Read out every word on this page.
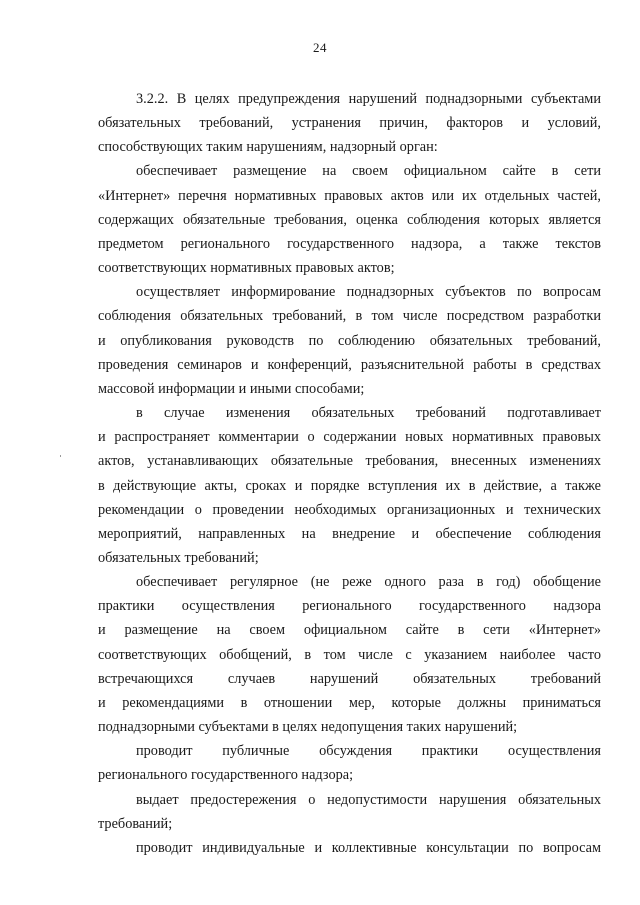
24

3.2.2. В целях предупреждения нарушений поднадзорными субъектами
обязательных требований, устранения причин, факторов и условий,
способствующих таким нарушениям, надзорный орган:

обеспечивает размещение на своем официальном сайте в сети
«Интернет» перечня нормативных правовых актов или их отдельных частей,
содержащих обязательные требования, оценка соблюдения которых является
предметом регионального государственного надзора, а также текстов
соответствующих нормативных правовых актов;

осуществляет информирование поднадзорных субъектов по вопросам
соблюдения обязательных требований, в том числе посредством разработки
и опубликования руководств по соблюдению обязательных требований,
проведения семинаров и конференций, разъяснительной работы в средствах
массовой информации и иными способами;

в случае изменения обязательных требований подготавливает
и распространяет комментарии о содержании новых нормативных правовых
актов, устанавливающих обязательные требования, внесенных изменениях
в действующие акты, сроках и порядке вступления их в действие, а также
рекомендации о проведении необходимых организационных и технических
мероприятий, направленных на внедрение и обеспечение соблюдения
обязательных требований;

обеспечивает регулярное (не реже одного раза в год) обобщение
практики осуществления регионального государственного надзора
и размещение на своем официальном сайте в сети «Интернет»
соответствующих обобщений, в том числе с указанием наиболее часто
встречающихся случаев нарушений обязательных требований
и рекомендациями в отношении мер, которые должны приниматься
поднадзорными субъектами в целях недопущения таких нарушений;

проводит публичные обсуждения практики осуществления
регионального государственного надзора;

выдает предостережения о недопустимости нарушения обязательных
требований;

проводит индивидуальные и коллективные консультации по вопросам
